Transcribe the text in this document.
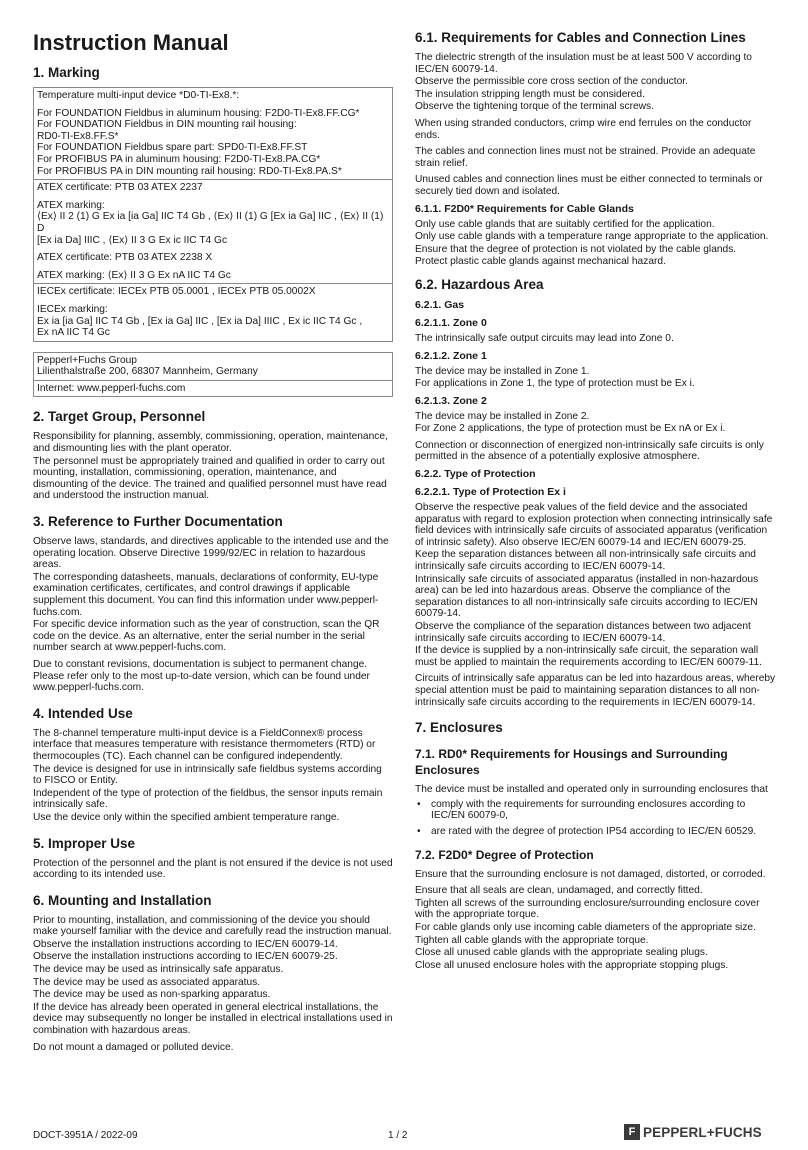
Instruction Manual
1. Marking

Temperature multi-input device *D0-TI-Ex8.*:

For FOUNDATION Fieldbus in aluminum housing: F2D0-TI-Ex8.FF.CG*

For FOUNDATION Fieldbus in DIN mounting rail housing:

RD0-TI-Ex8.FF.S*

For FOUNDATION Fieldbus spare part: SPD0-TI-Ex8.FF.ST

For PROFIBUS PA in aluminum housing: F2D0-TI-Ex8.PA.CG*

For PROFIBUS PA in DIN mounting rail housing: RD0-TI-Ex8.PA.S*

ATEX certificate: PTB 03 ATEX 2237

ATEX marking:

⟨Ex⟩ II 2 (1) G Ex ia [ia Ga] IIC T4 Gb , ⟨Ex⟩ II (1) G [Ex ia Ga] IIC , ⟨Ex⟩ II (1) D

[Ex ia Da] IIIC , ⟨Ex⟩ II 3 G Ex ic IIC T4 Gc

ATEX certificate: PTB 03 ATEX 2238 X

ATEX marking: ⟨Ex⟩ II 3 G Ex nA IIC T4 Gc

IECEx certificate: IECEx PTB 05.0001 , IECEx PTB 05.0002X

IECEx marking:

Ex ia [ia Ga] IIC T4 Gb , [Ex ia Ga] IIC , [Ex ia Da] IIIC , Ex ic IIC T4 Gc ,

Ex nA IIC T4 Gc

Pepperl+Fuchs Group

Lilienthalstraße 200, 68307 Mannheim, Germany

Internet: www.pepperl-fuchs.com

2. Target Group, Personnel

Responsibility for planning, assembly, commissioning, operation, maintenance, and dismounting lies with the plant operator.

The personnel must be appropriately trained and qualified in order to carry out mounting, installation, commissioning, operation, maintenance, and dismounting of the device. The trained and qualified personnel must have read and understood the instruction manual.

3. Reference to Further Documentation

Observe laws, standards, and directives applicable to the intended use and the operating location. Observe Directive 1999/92/EC in relation to hazardous areas.

The corresponding datasheets, manuals, declarations of conformity, EU-type examination certificates, certificates, and control drawings if applicable supplement this document. You can find this information under www.pepperl-fuchs.com.

For specific device information such as the year of construction, scan the QR code on the device. As an alternative, enter the serial number in the serial number search at www.pepperl-fuchs.com.

Due to constant revisions, documentation is subject to permanent change. Please refer only to the most up-to-date version, which can be found under www.pepperl-fuchs.com.

4. Intended Use

The 8-channel temperature multi-input device is a FieldConnex® process interface that measures temperature with resistance thermometers (RTD) or thermocouples (TC). Each channel can be configured independently.

The device is designed for use in intrinsically safe fieldbus systems according to FISCO or Entity.

Independent of the type of protection of the fieldbus, the sensor inputs remain intrinsically safe.

Use the device only within the specified ambient temperature range.

5. Improper Use

Protection of the personnel and the plant is not ensured if the device is not used according to its intended use.

6. Mounting and Installation

Prior to mounting, installation, and commissioning of the device you should make yourself familiar with the device and carefully read the instruction manual.

Observe the installation instructions according to IEC/EN 60079-14.

Observe the installation instructions according to IEC/EN 60079-25.

The device may be used as intrinsically safe apparatus.

The device may be used as associated apparatus.

The device may be used as non-sparking apparatus.

If the device has already been operated in general electrical installations, the device may subsequently no longer be installed in electrical installations used in combination with hazardous areas.

Do not mount a damaged or polluted device.

6.1. Requirements for Cables and Connection Lines

The dielectric strength of the insulation must be at least 500 V according to IEC/EN 60079-14.

Observe the permissible core cross section of the conductor.

The insulation stripping length must be considered.

Observe the tightening torque of the terminal screws.

When using stranded conductors, crimp wire end ferrules on the conductor ends.

The cables and connection lines must not be strained. Provide an adequate strain relief.

Unused cables and connection lines must be either connected to terminals or securely tied down and isolated.

6.1.1. F2D0* Requirements for Cable Glands

Only use cable glands that are suitably certified for the application.

Only use cable glands with a temperature range appropriate to the application.

Ensure that the degree of protection is not violated by the cable glands.

Protect plastic cable glands against mechanical hazard.

6.2. Hazardous Area
6.2.1. Gas
6.2.1.1. Zone 0

The intrinsically safe output circuits may lead into Zone 0.

6.2.1.2. Zone 1

The device may be installed in Zone 1.

For applications in Zone 1, the type of protection must be Ex i.

6.2.1.3. Zone 2

The device may be installed in Zone 2.

For Zone 2 applications, the type of protection must be Ex nA or Ex i.

Connection or disconnection of energized non-intrinsically safe circuits is only permitted in the absence of a potentially explosive atmosphere.

6.2.2. Type of Protection
6.2.2.1. Type of Protection Ex i

Observe the respective peak values of the field device and the associated apparatus with regard to explosion protection when connecting intrinsically safe field devices with intrinsically safe circuits of associated apparatus (verification of intrinsic safety). Also observe IEC/EN 60079-14 and IEC/EN 60079-25.

Keep the separation distances between all non-intrinsically safe circuits and intrinsically safe circuits according to IEC/EN 60079-14.

Intrinsically safe circuits of associated apparatus (installed in non-hazardous area) can be led into hazardous areas. Observe the compliance of the separation distances to all non-intrinsically safe circuits according to IEC/EN 60079-14.

Observe the compliance of the separation distances between two adjacent intrinsically safe circuits according to IEC/EN 60079-14.

If the device is supplied by a non-intrinsically safe circuit, the separation wall must be applied to maintain the requirements according to IEC/EN 60079-11.

Circuits of intrinsically safe apparatus can be led into hazardous areas, whereby special attention must be paid to maintaining separation distances to all non-intrinsically safe circuits according to the requirements in IEC/EN 60079-14.

7. Enclosures
7.1. RD0* Requirements for Housings and Surrounding Enclosures

The device must be installed and operated only in surrounding enclosures that

• comply with the requirements for surrounding enclosures according to IEC/EN 60079-0,
• are rated with the degree of protection IP54 according to IEC/EN 60529.
7.2. F2D0* Degree of Protection

Ensure that the surrounding enclosure is not damaged, distorted, or corroded.

Ensure that all seals are clean, undamaged, and correctly fitted.

Tighten all screws of the surrounding enclosure/surrounding enclosure cover with the appropriate torque.

For cable glands only use incoming cable diameters of the appropriate size.

Tighten all cable glands with the appropriate torque.

Close all unused cable glands with the appropriate sealing plugs.

Close all unused enclosure holes with the appropriate stopping plugs.

DOCT-3951A / 2022-09	1 / 2	F PEPPERL+FUCHS
